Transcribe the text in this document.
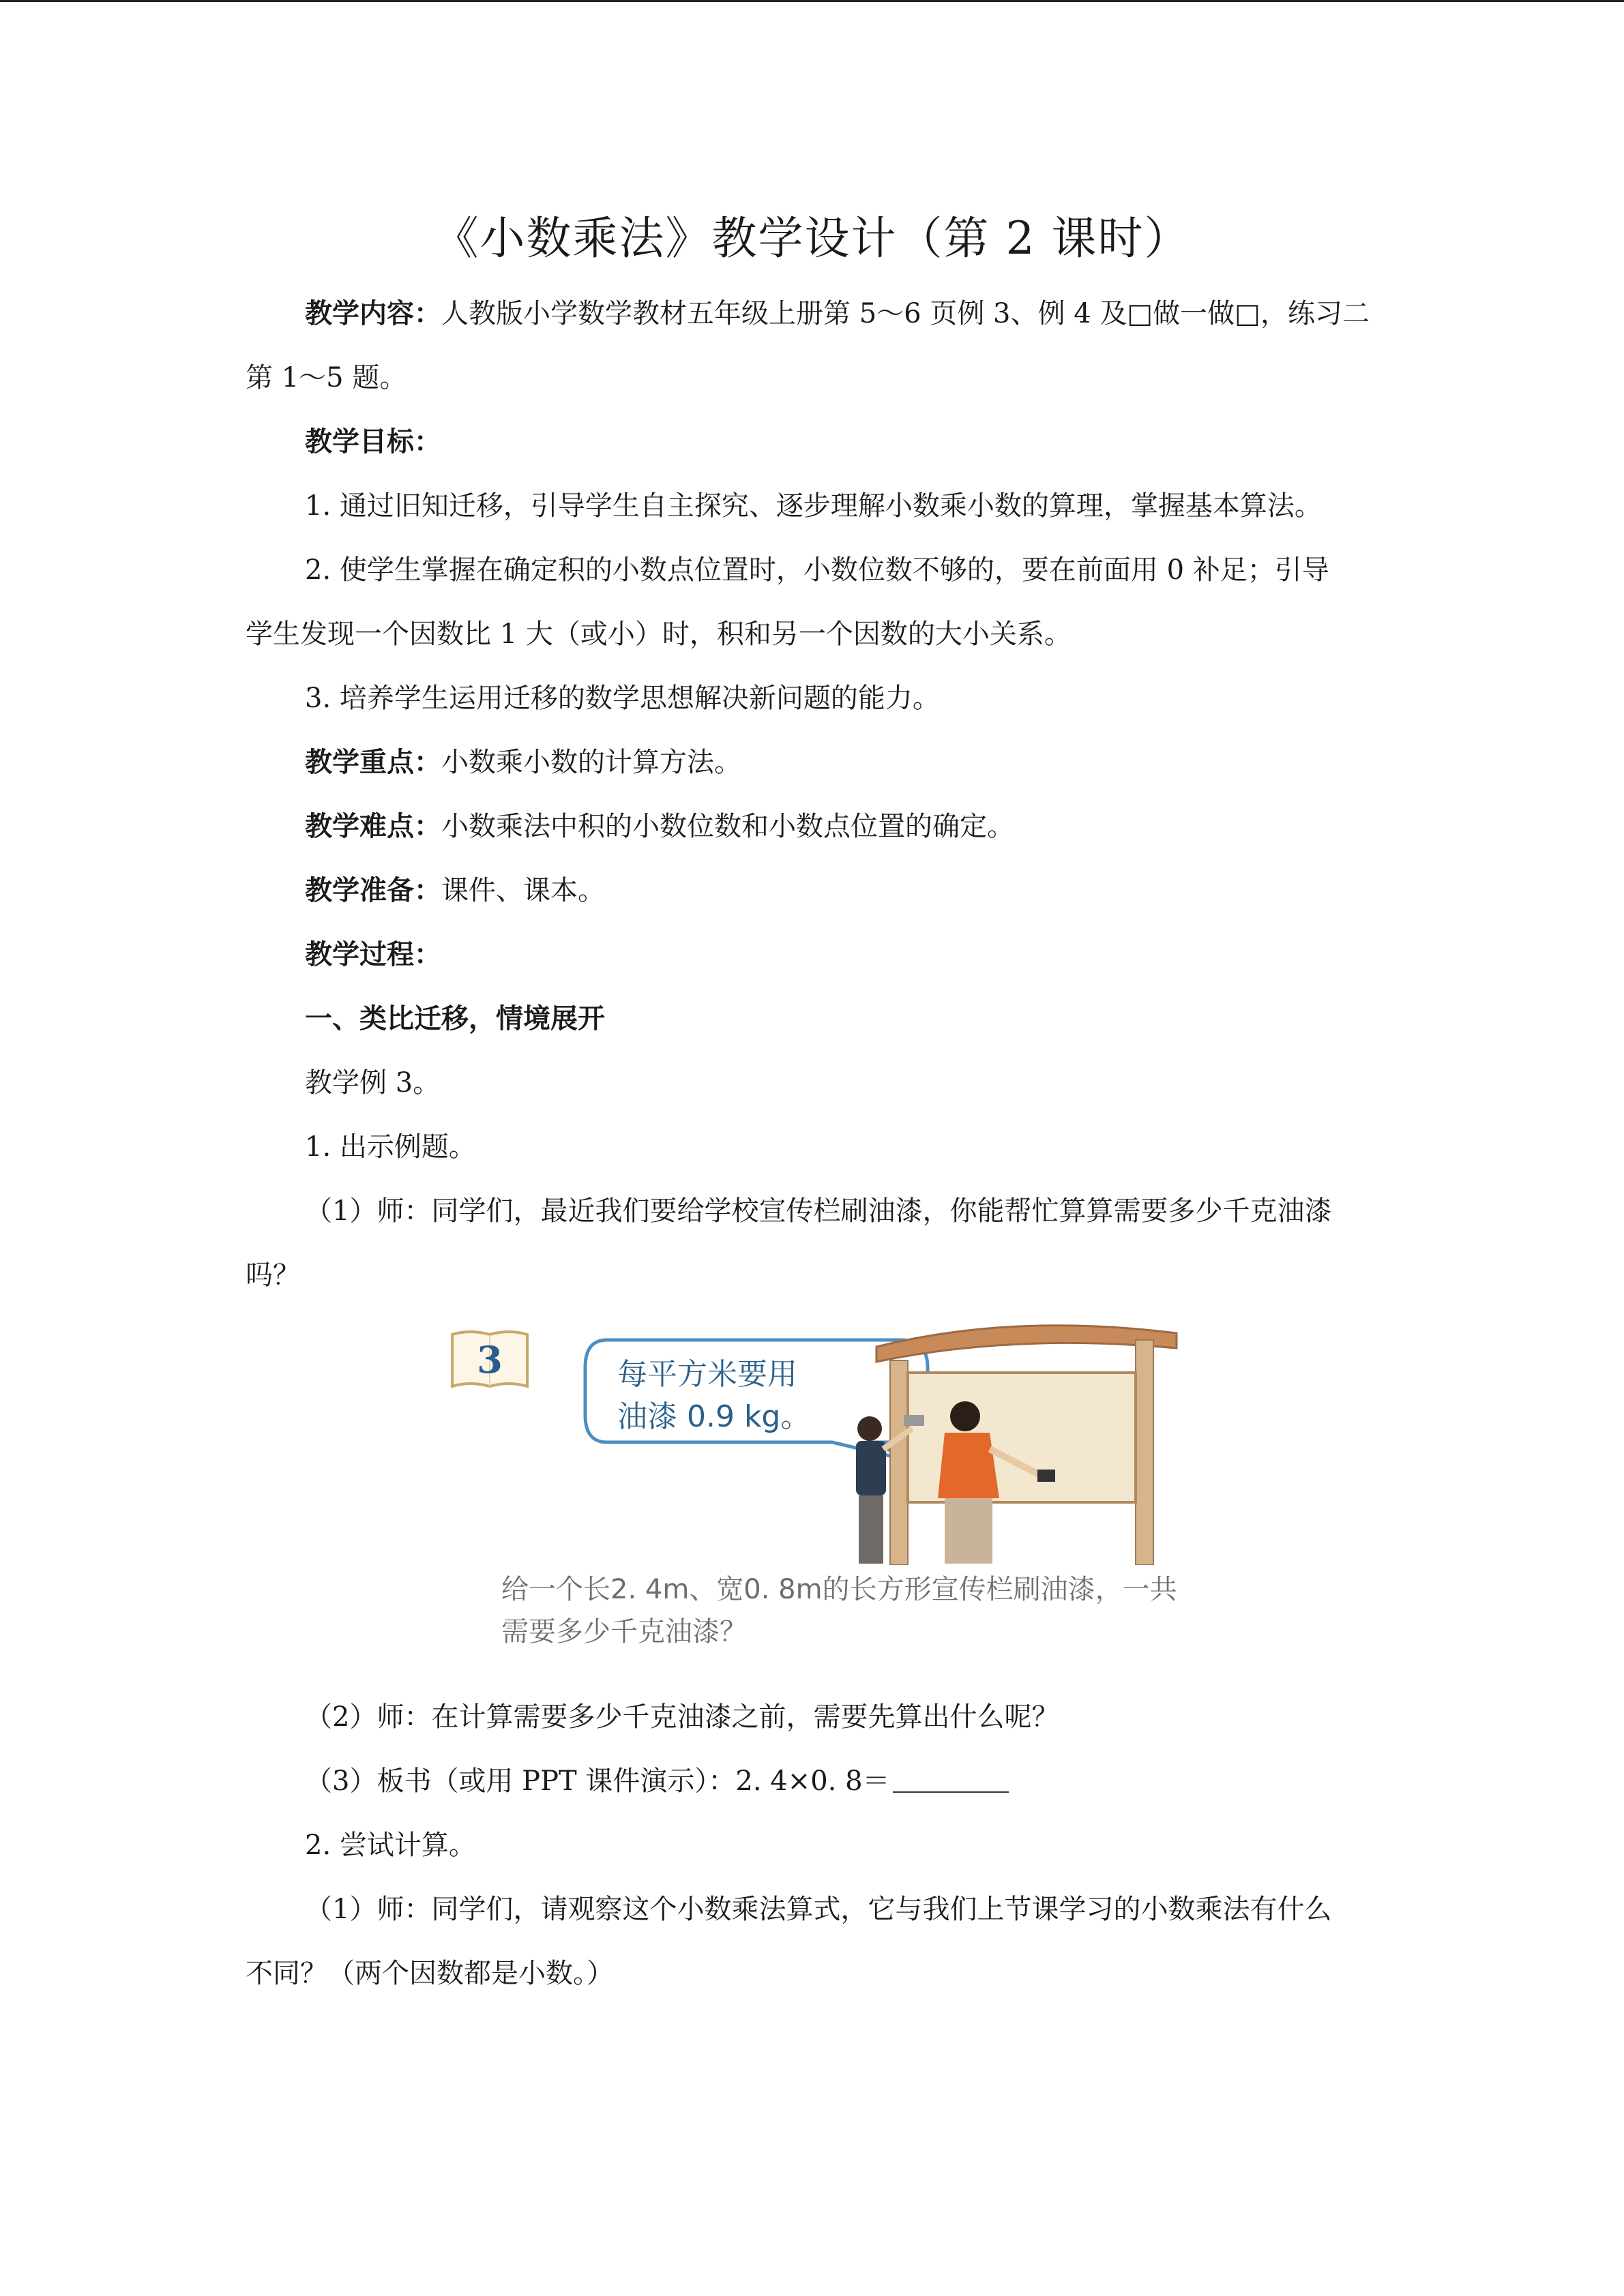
《小数乘法》教学设计（第 2 课时）
教学内容：人教版小学数学教材五年级上册第 5～6 页例 3、例 4 及□做一做□，练习二
第 1～5 题。
教学目标：
1. 通过旧知迁移，引导学生自主探究、逐步理解小数乘小数的算理，掌握基本算法。
2. 使学生掌握在确定积的小数点位置时，小数位数不够的，要在前面用 0 补足；引导
学生发现一个因数比 1 大（或小）时，积和另一个因数的大小关系。
3. 培养学生运用迁移的数学思想解决新问题的能力。
教学重点：小数乘小数的计算方法。
教学难点：小数乘法中积的小数位数和小数点位置的确定。
教学准备：课件、课本。
教学过程：
一、类比迁移，情境展开
教学例 3。
1. 出示例题。
（1）师：同学们，最近我们要给学校宣传栏刷油漆，你能帮忙算算需要多少千克油漆
吗？
3	每平方米要用
油漆 0.9 kg。
给一个长2. 4m、宽0. 8m的长方形宣传栏刷油漆，一共
需要多少千克油漆？
（2）师：在计算需要多少千克油漆之前，需要先算出什么呢？
（3）板书（或用 PPT 课件演示）：2. 4×0. 8＝
2. 尝试计算。
（1）师：同学们，请观察这个小数乘法算式，它与我们上节课学习的小数乘法有什么
不同？（两个因数都是小数。）
